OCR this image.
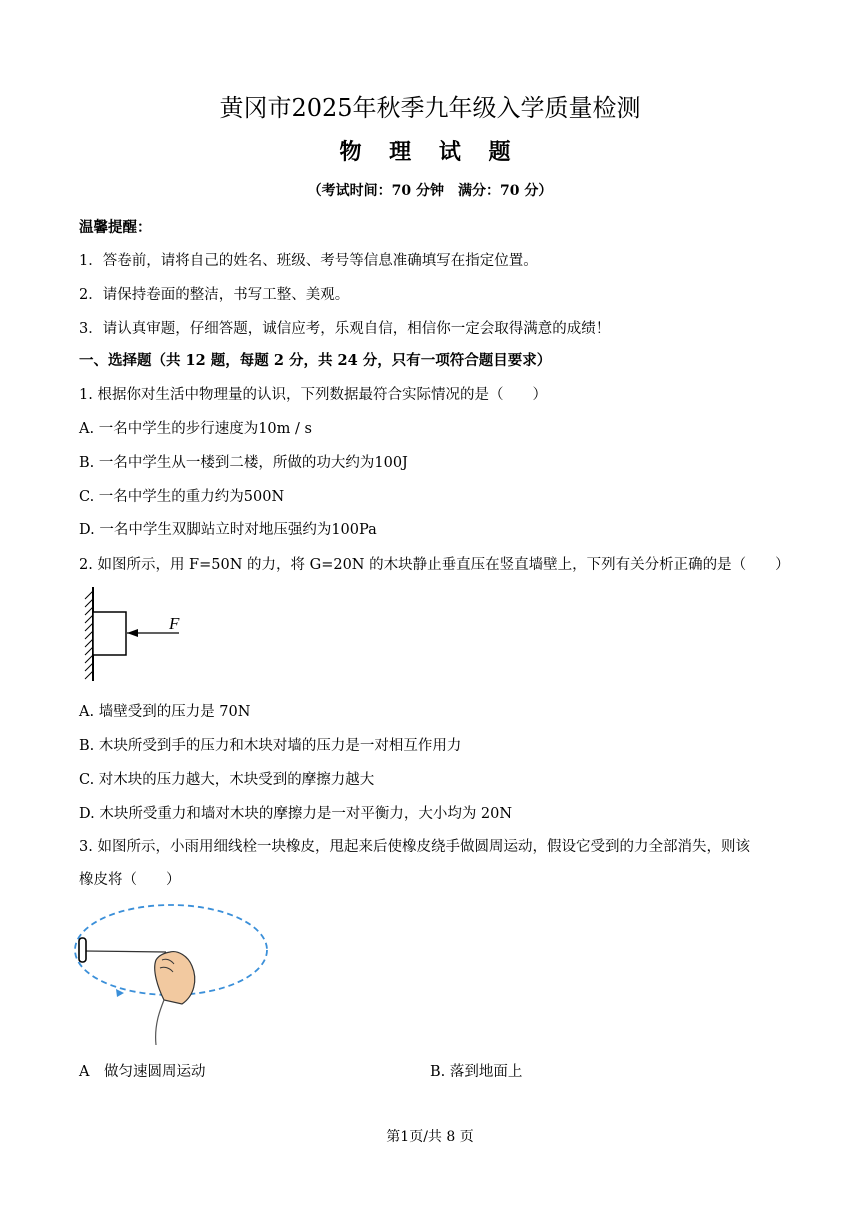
黄冈市2025年秋季九年级入学质量检测
物 理 试 题
（考试时间：70 分钟　满分：70 分）
温馨提醒：
1．答卷前，请将自己的姓名、班级、考号等信息准确填写在指定位置。
2．请保持卷面的整洁，书写工整、美观。
3．请认真审题，仔细答题，诚信应考，乐观自信，相信你一定会取得满意的成绩！
一、选择题（共 12 题，每题 2 分，共 24 分，只有一项符合题目要求）
1. 根据你对生活中物理量的认识，下列数据最符合实际情况的是（　　）
A. 一名中学生的步行速度为10m / s
B. 一名中学生从一楼到二楼，所做的功大约为100J
C. 一名中学生的重力约为500N
D. 一名中学生双脚站立时对地压强约为100Pa
2. 如图所示，用 F=50N 的力，将 G=20N 的木块静止垂直压在竖直墙壁上，下列有关分析正确的是（　　）
F
A. 墙壁受到的压力是 70N
B. 木块所受到手的压力和木块对墙的压力是一对相互作用力
C. 对木块的压力越大，木块受到的摩擦力越大
D. 木块所受重力和墙对木块的摩擦力是一对平衡力，大小均为 20N
3. 如图所示，小雨用细线栓一块橡皮，甩起来后使橡皮绕手做圆周运动，假设它受到的力全部消失，则该
橡皮将（　　）
A　做匀速圆周运动	B. 落到地面上
第1页/共 8 页
